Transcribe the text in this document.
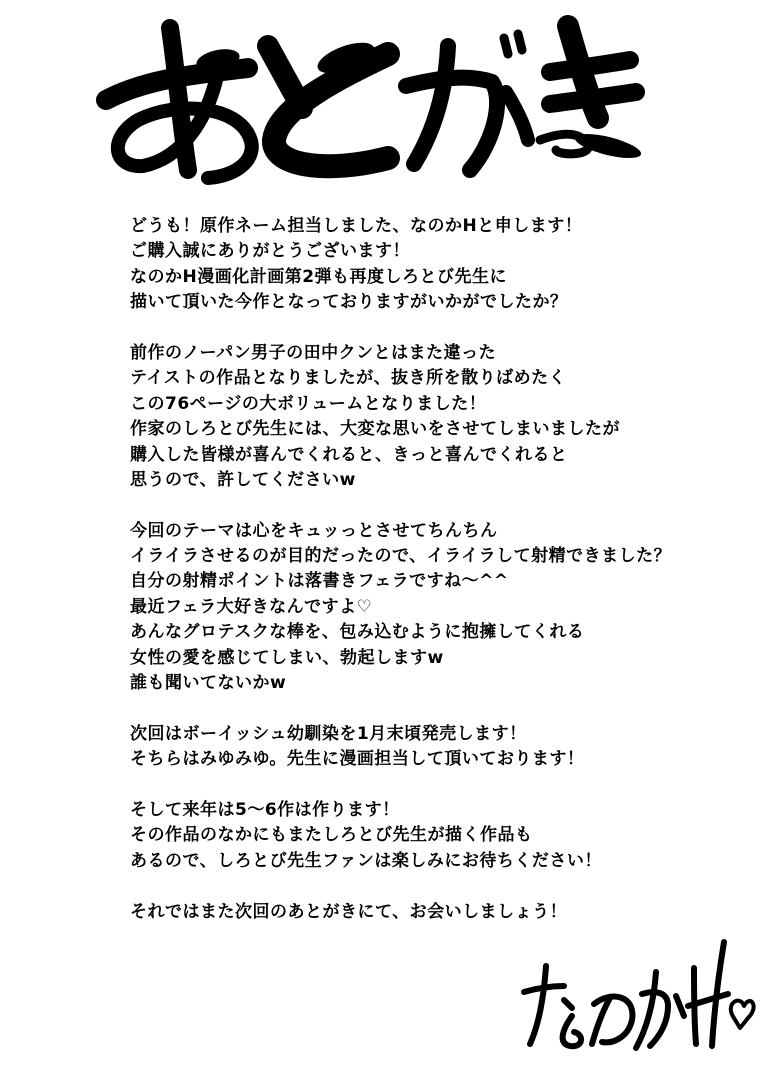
どうも！原作ネーム担当しました、なのかHと申します！
ご購入誠にありがとうございます！
なのかH漫画化計画第2弾も再度しろとび先生に
描いて頂いた今作となっておりますがいかがでしたか？
前作のノーパン男子の田中クンとはまた違った
テイストの作品となりましたが、抜き所を散りばめたく
この76ページの大ボリュームとなりました！
作家のしろとび先生には、大変な思いをさせてしまいましたが
購入した皆様が喜んでくれると、きっと喜んでくれると
思うので、許してくださいw
今回のテーマは心をキュッっとさせてちんちん
イライラさせるのが目的だったので、イライラして射精できました？
自分の射精ポイントは落書きフェラですね～^^
最近フェラ大好きなんですよ♡
あんなグロテスクな棒を、包み込むように抱擁してくれる
女性の愛を感じてしまい、勃起しますw
誰も聞いてないかw
次回はボーイッシュ幼馴染を1月末頃発売します！
そちらはみゆみゆ。先生に漫画担当して頂いております！
そして来年は5～6作は作ります！
その作品のなかにもまたしろとび先生が描く作品も
あるので、しろとび先生ファンは楽しみにお待ちください！
それではまた次回のあとがきにて、お会いしましょう！
